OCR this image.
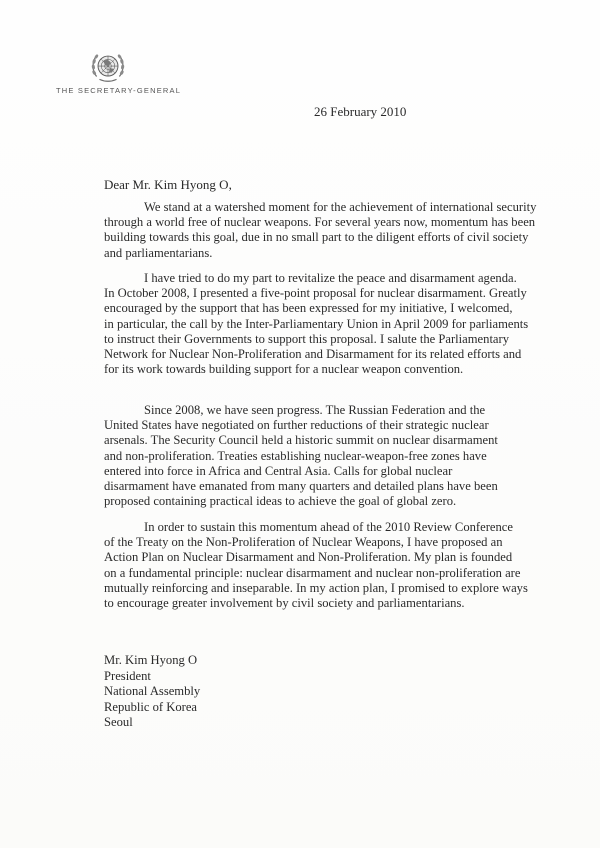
THE SECRETARY-GENERAL
26 February 2010
Dear Mr. Kim Hyong O,
We stand at a watershed moment for the achievement of international security
through a world free of nuclear weapons. For several years now, momentum has been
building towards this goal, due in no small part to the diligent efforts of civil society
and parliamentarians.
I have tried to do my part to revitalize the peace and disarmament agenda.
In October 2008, I presented a five-point proposal for nuclear disarmament. Greatly
encouraged by the support that has been expressed for my initiative, I welcomed,
in particular, the call by the Inter-Parliamentary Union in April 2009 for parliaments
to instruct their Governments to support this proposal. I salute the Parliamentary
Network for Nuclear Non-Proliferation and Disarmament for its related efforts and
for its work towards building support for a nuclear weapon convention.
Since 2008, we have seen progress. The Russian Federation and the
United States have negotiated on further reductions of their strategic nuclear
arsenals. The Security Council held a historic summit on nuclear disarmament
and non-proliferation. Treaties establishing nuclear-weapon-free zones have
entered into force in Africa and Central Asia. Calls for global nuclear
disarmament have emanated from many quarters and detailed plans have been
proposed containing practical ideas to achieve the goal of global zero.
In order to sustain this momentum ahead of the 2010 Review Conference
of the Treaty on the Non-Proliferation of Nuclear Weapons, I have proposed an
Action Plan on Nuclear Disarmament and Non-Proliferation. My plan is founded
on a fundamental principle: nuclear disarmament and nuclear non-proliferation are
mutually reinforcing and inseparable. In my action plan, I promised to explore ways
to encourage greater involvement by civil society and parliamentarians.
Mr. Kim Hyong O
President
National Assembly
Republic of Korea
Seoul
